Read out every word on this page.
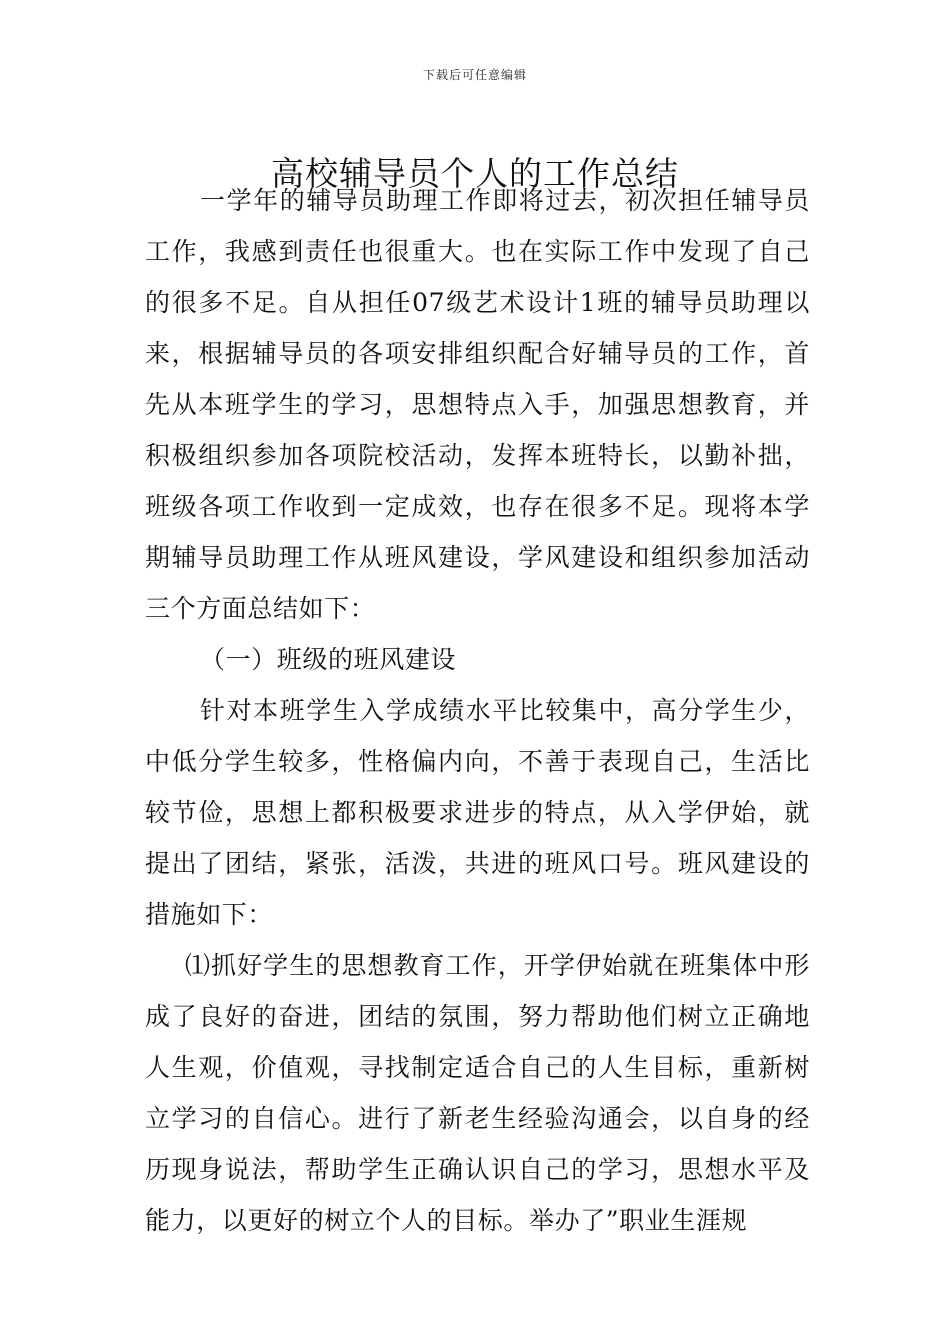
下载后可任意编辑
高校辅导员个人的工作总结

一学年的辅导员助理工作即将过去，初次担任辅导员工作，我感到责任也很重大。也在实际工作中发现了自己的很多不足。自从担任07级艺术设计1班的辅导员助理以来，根据辅导员的各项安排组织配合好辅导员的工作，首先从本班学生的学习，思想特点入手，加强思想教育，并积极组织参加各项院校活动，发挥本班特长，以勤补拙，班级各项工作收到一定成效，也存在很多不足。现将本学期辅导员助理工作从班风建设，学风建设和组织参加活动三个方面总结如下：

（一）班级的班风建设

针对本班学生入学成绩水平比较集中，高分学生少，中低分学生较多，性格偏内向，不善于表现自己，生活比较节俭，思想上都积极要求进步的特点，从入学伊始，就提出了团结，紧张，活泼，共进的班风口号。班风建设的措施如下：

⑴抓好学生的思想教育工作，开学伊始就在班集体中形成了良好的奋进，团结的氛围，努力帮助他们树立正确地人生观，价值观，寻找制定适合自己的人生目标，重新树立学习的自信心。进行了新老生经验沟通会，以自身的经历现身说法，帮助学生正确认识自己的学习，思想水平及能力，以更好的树立个人的目标。举办了”职业生涯规
